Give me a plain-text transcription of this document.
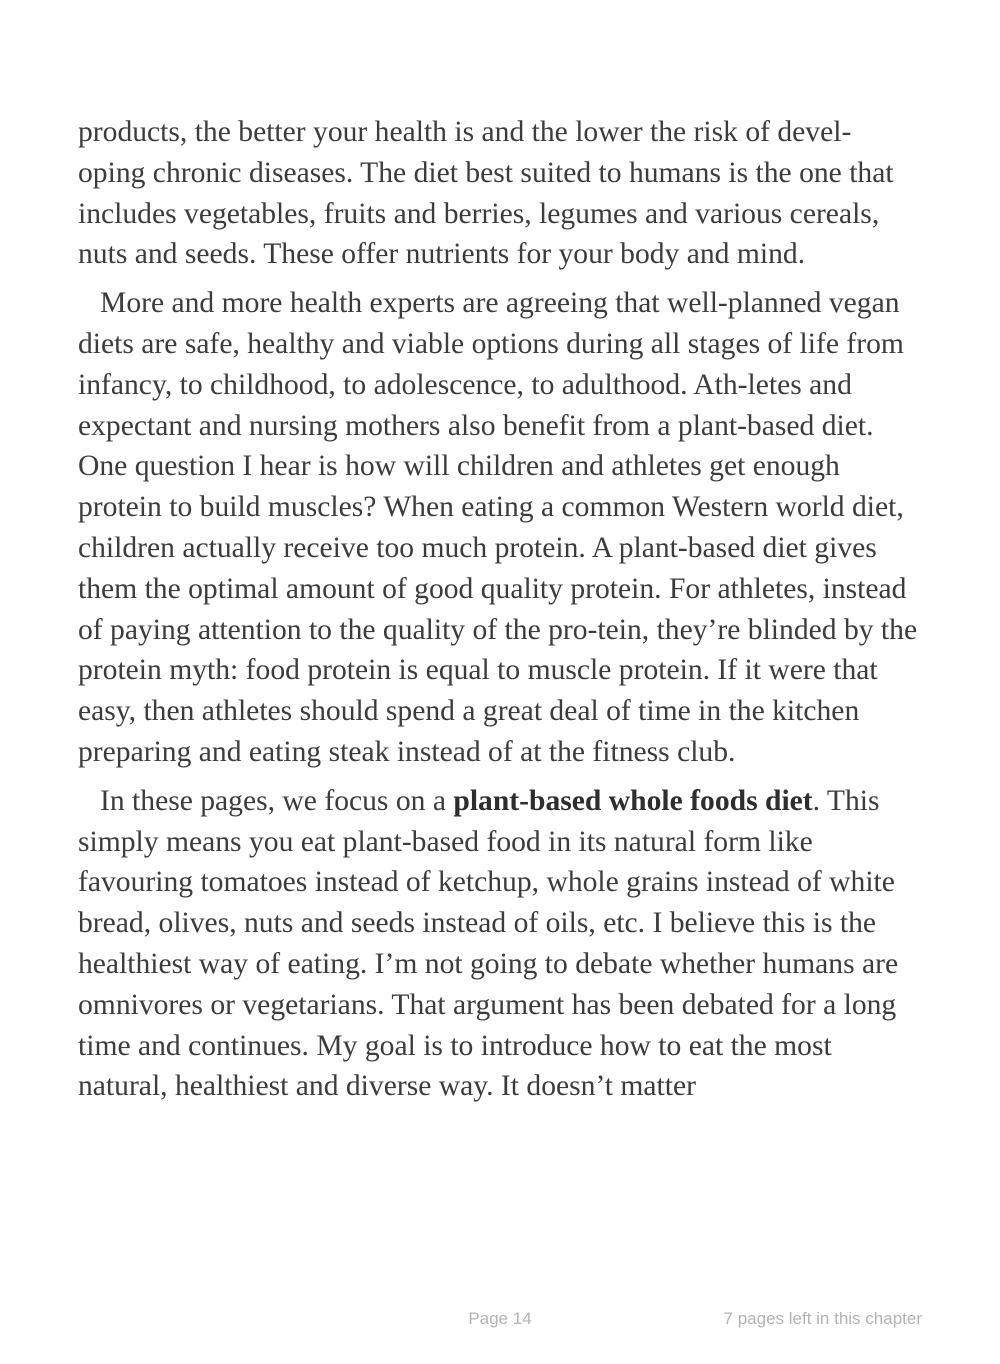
products, the better your health is and the lower the risk of devel-oping chronic diseases. The diet best suited to humans is the one that includes vegetables, fruits and berries, legumes and various cereals, nuts and seeds. These offer nutrients for your body and mind.

More and more health experts are agreeing that well-planned vegan diets are safe, healthy and viable options during all stages of life from infancy, to childhood, to adolescence, to adulthood. Ath-letes and expectant and nursing mothers also benefit from a plant-based diet. One question I hear is how will children and athletes get enough protein to build muscles? When eating a common Western world diet, children actually receive too much protein. A plant-based diet gives them the optimal amount of good quality protein. For athletes, instead of paying attention to the quality of the pro-tein, they’re blinded by the protein myth: food protein is equal to muscle protein. If it were that easy, then athletes should spend a great deal of time in the kitchen preparing and eating steak instead of at the fitness club.

In these pages, we focus on a plant-based whole foods diet. This simply means you eat plant-based food in its natural form like favouring tomatoes instead of ketchup, whole grains instead of white bread, olives, nuts and seeds instead of oils, etc. I believe this is the healthiest way of eating. I’m not going to debate whether humans are omnivores or vegetarians. That argument has been debated for a long time and continues. My goal is to introduce how to eat the most natural, healthiest and diverse way. It doesn’t matter

Page 14	7 pages left in this chapter
